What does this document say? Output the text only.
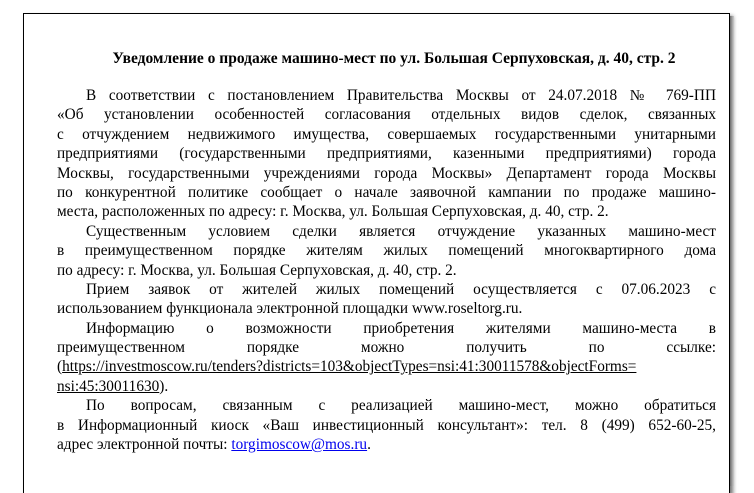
Уведомление о продаже машино-мест по ул. Большая Серпуховская, д. 40, стр. 2
В соответствии с постановлением Правительства Москвы от 24.07.2018 № 769-ПП
«Об установлении особенностей согласования отдельных видов сделок, связанных
с отчуждением недвижимого имущества, совершаемых государственными унитарными
предприятиями (государственными предприятиями, казенными предприятиями) города
Москвы, государственными учреждениями города Москвы» Департамент города Москвы
по конкурентной политике сообщает о начале заявочной кампании по продаже машино-
места, расположенных по адресу: г. Москва, ул. Большая Серпуховская, д. 40, стр. 2.
Существенным условием сделки является отчуждение указанных машино-мест
в преимущественном порядке жителям жилых помещений многоквартирного дома
по адресу: г. Москва, ул. Большая Серпуховская, д. 40, стр. 2.
Прием заявок от жителей жилых помещений осуществляется с 07.06.2023 с
использованием функционала электронной площадки www.roseltorg.ru.
Информацию о возможности приобретения жителями машино-места в
преимущественном порядке можно получить по ссылке:
(https://investmoscow.ru/tenders?districts=103&objectTypes=nsi:41:30011578&objectForms=
nsi:45:30011630).
По вопросам, связанным с реализацией машино-мест, можно обратиться
в Информационный киоск «Ваш инвестиционный консультант»: тел. 8 (499) 652-60-25,
адрес электронной почты: torgimoscow@mos.ru.
